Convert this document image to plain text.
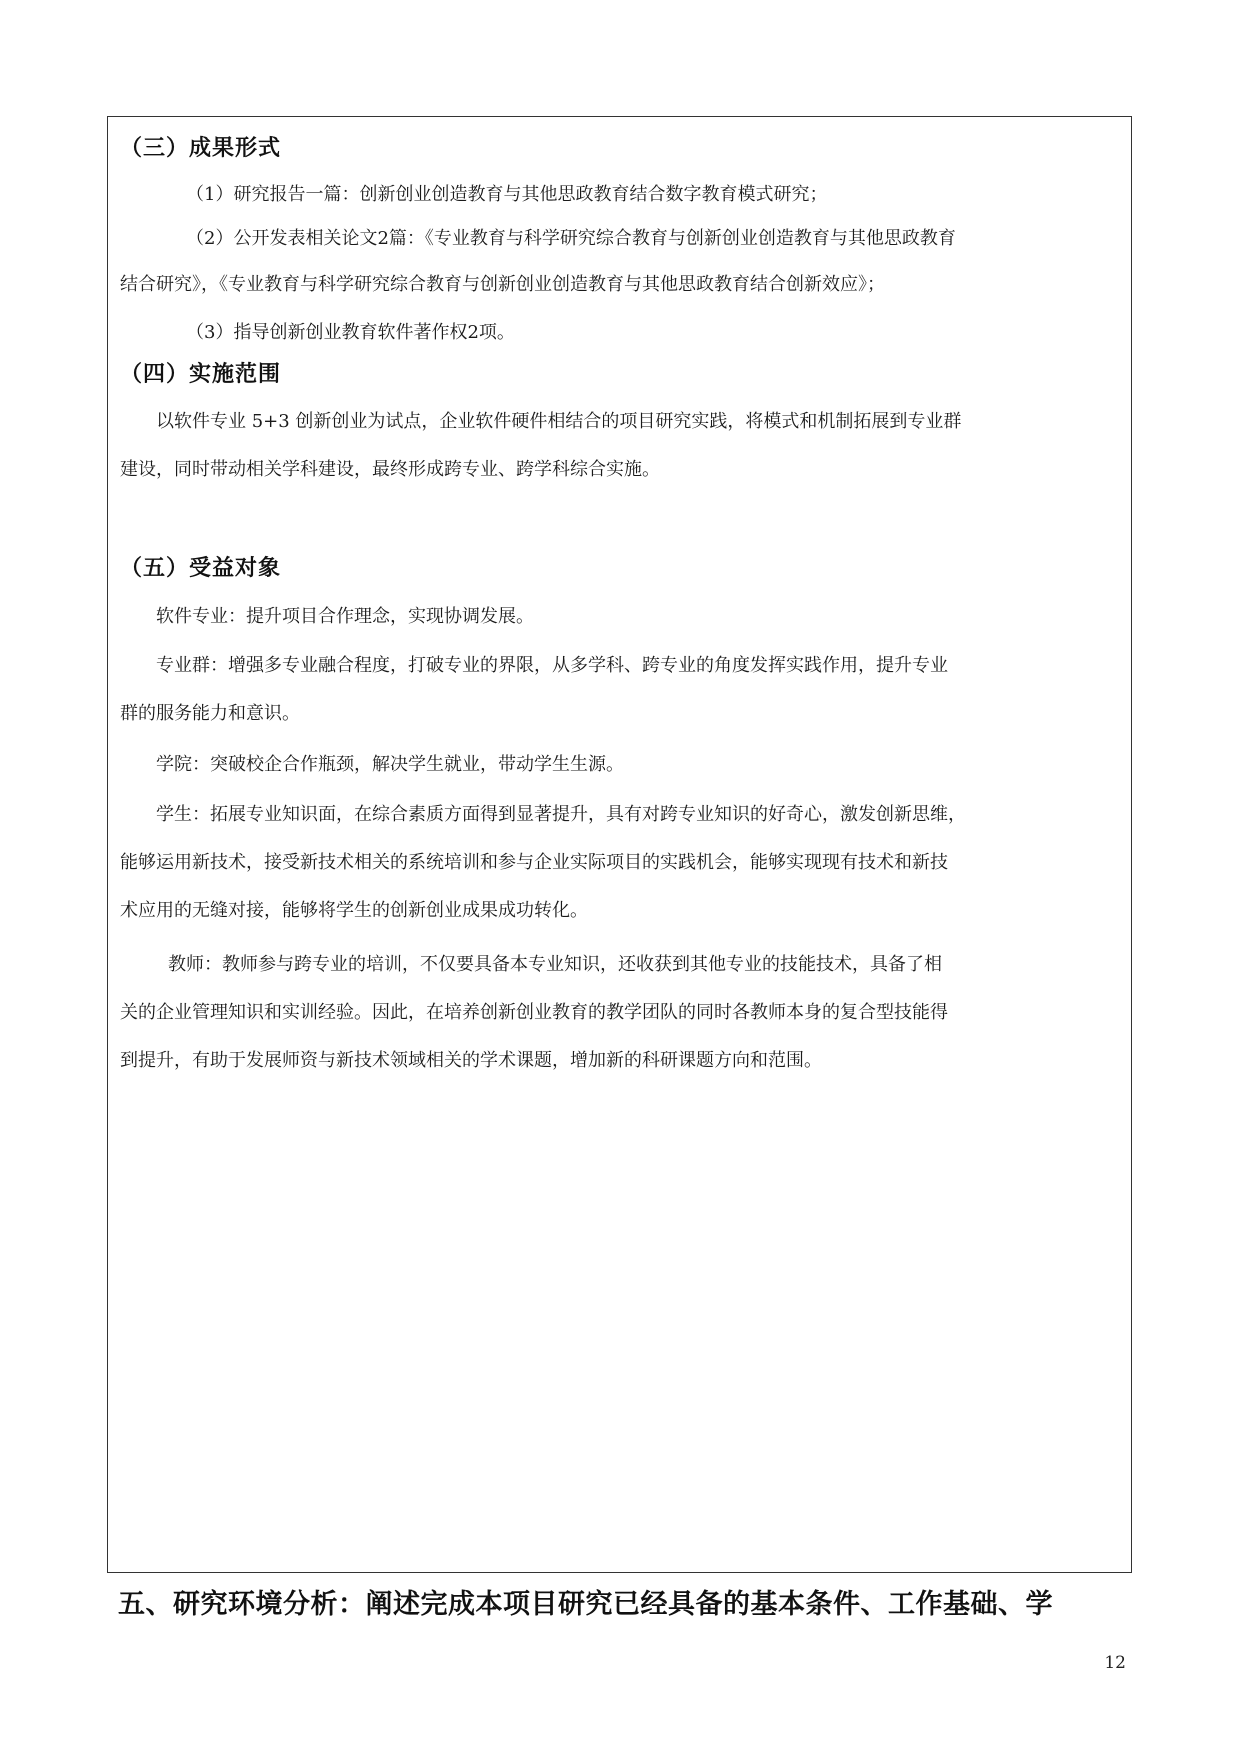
（三）成果形式
（1）研究报告一篇：创新创业创造教育与其他思政教育结合数字教育模式研究；
（2）公开发表相关论文2篇：《专业教育与科学研究综合教育与创新创业创造教育与其他思政教育
结合研究》，《专业教育与科学研究综合教育与创新创业创造教育与其他思政教育结合创新效应》；
（3）指导创新创业教育软件著作权2项。
（四）实施范围
以软件专业 5+3 创新创业为试点，企业软件硬件相结合的项目研究实践，将模式和机制拓展到专业群
建设，同时带动相关学科建设，最终形成跨专业、跨学科综合实施。
（五）受益对象
软件专业：提升项目合作理念，实现协调发展。
专业群：增强多专业融合程度，打破专业的界限，从多学科、跨专业的角度发挥实践作用，提升专业
群的服务能力和意识。
学院：突破校企合作瓶颈，解决学生就业，带动学生生源。
学生：拓展专业知识面，在综合素质方面得到显著提升，具有对跨专业知识的好奇心，激发创新思维，
能够运用新技术，接受新技术相关的系统培训和参与企业实际项目的实践机会，能够实现现有技术和新技
术应用的无缝对接，能够将学生的创新创业成果成功转化。
教师：教师参与跨专业的培训，不仅要具备本专业知识，还收获到其他专业的技能技术，具备了相
关的企业管理知识和实训经验。因此，在培养创新创业教育的教学团队的同时各教师本身的复合型技能得
到提升，有助于发展师资与新技术领域相关的学术课题，增加新的科研课题方向和范围。
五、研究环境分析：阐述完成本项目研究已经具备的基本条件、工作基础、学
12
